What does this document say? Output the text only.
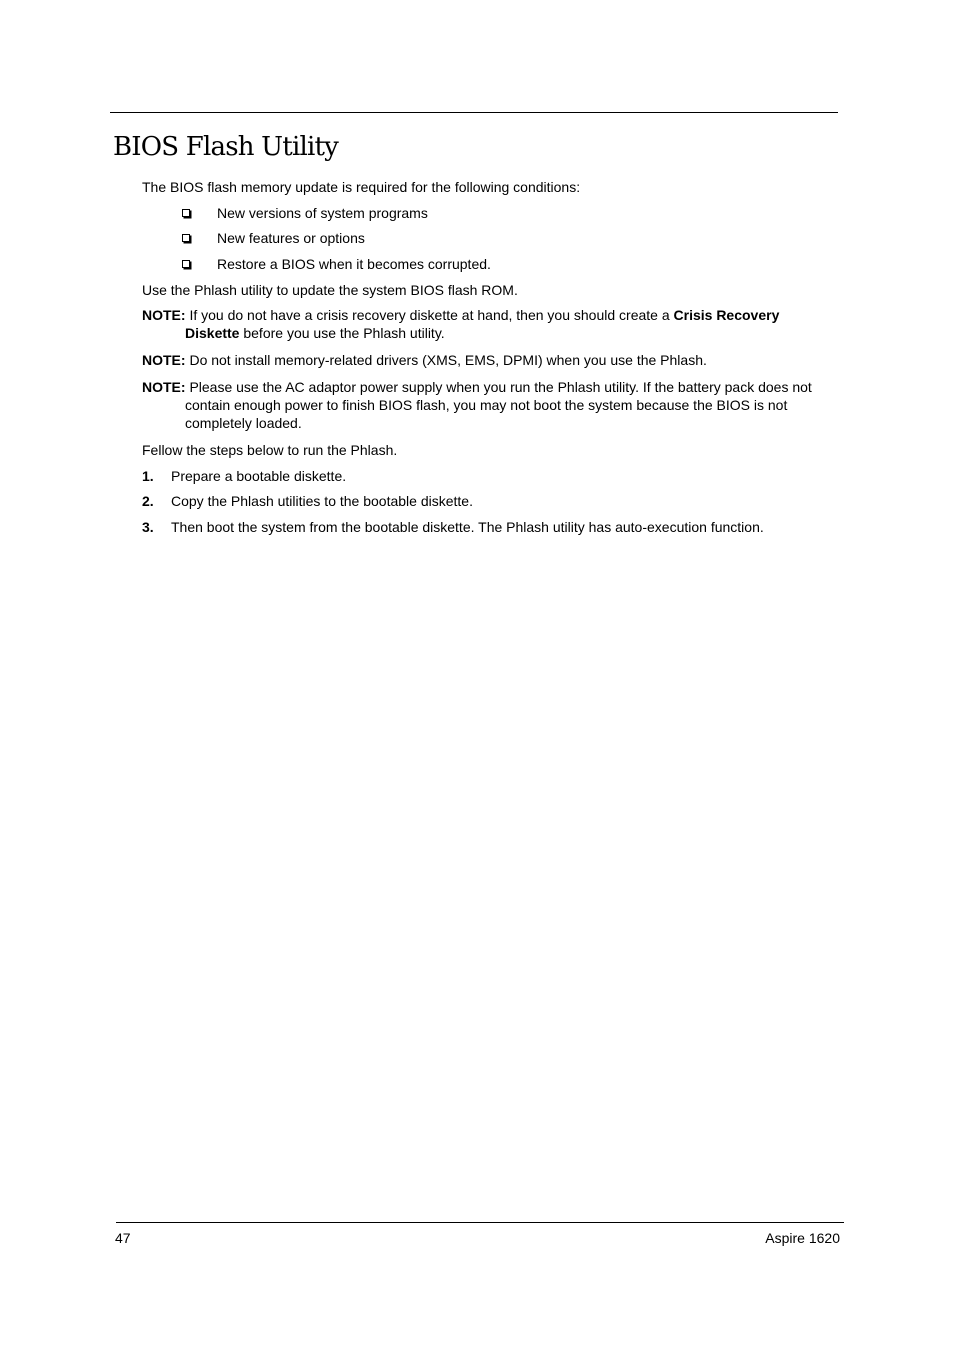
BIOS Flash Utility

The BIOS flash memory update is required for the following conditions:

New versions of system programs
New features or options
Restore a BIOS when it becomes corrupted.

Use the Phlash utility to update the system BIOS flash ROM.

NOTE: If you do not have a crisis recovery diskette at hand, then you should create a Crisis Recovery
Diskette before you use the Phlash utility.
NOTE: Do not install memory-related drivers (XMS, EMS, DPMI) when you use the Phlash.
NOTE: Please use the AC adaptor power supply when you run the Phlash utility. If the battery pack does not
contain enough power to finish BIOS flash, you may not boot the system because the BIOS is not
completely loaded.

Fellow the steps below to run the Phlash.

1. Prepare a bootable diskette.
2. Copy the Phlash utilities to the bootable diskette.
3. Then boot the system from the bootable diskette. The Phlash utility has auto-execution function.
47	Aspire 1620
